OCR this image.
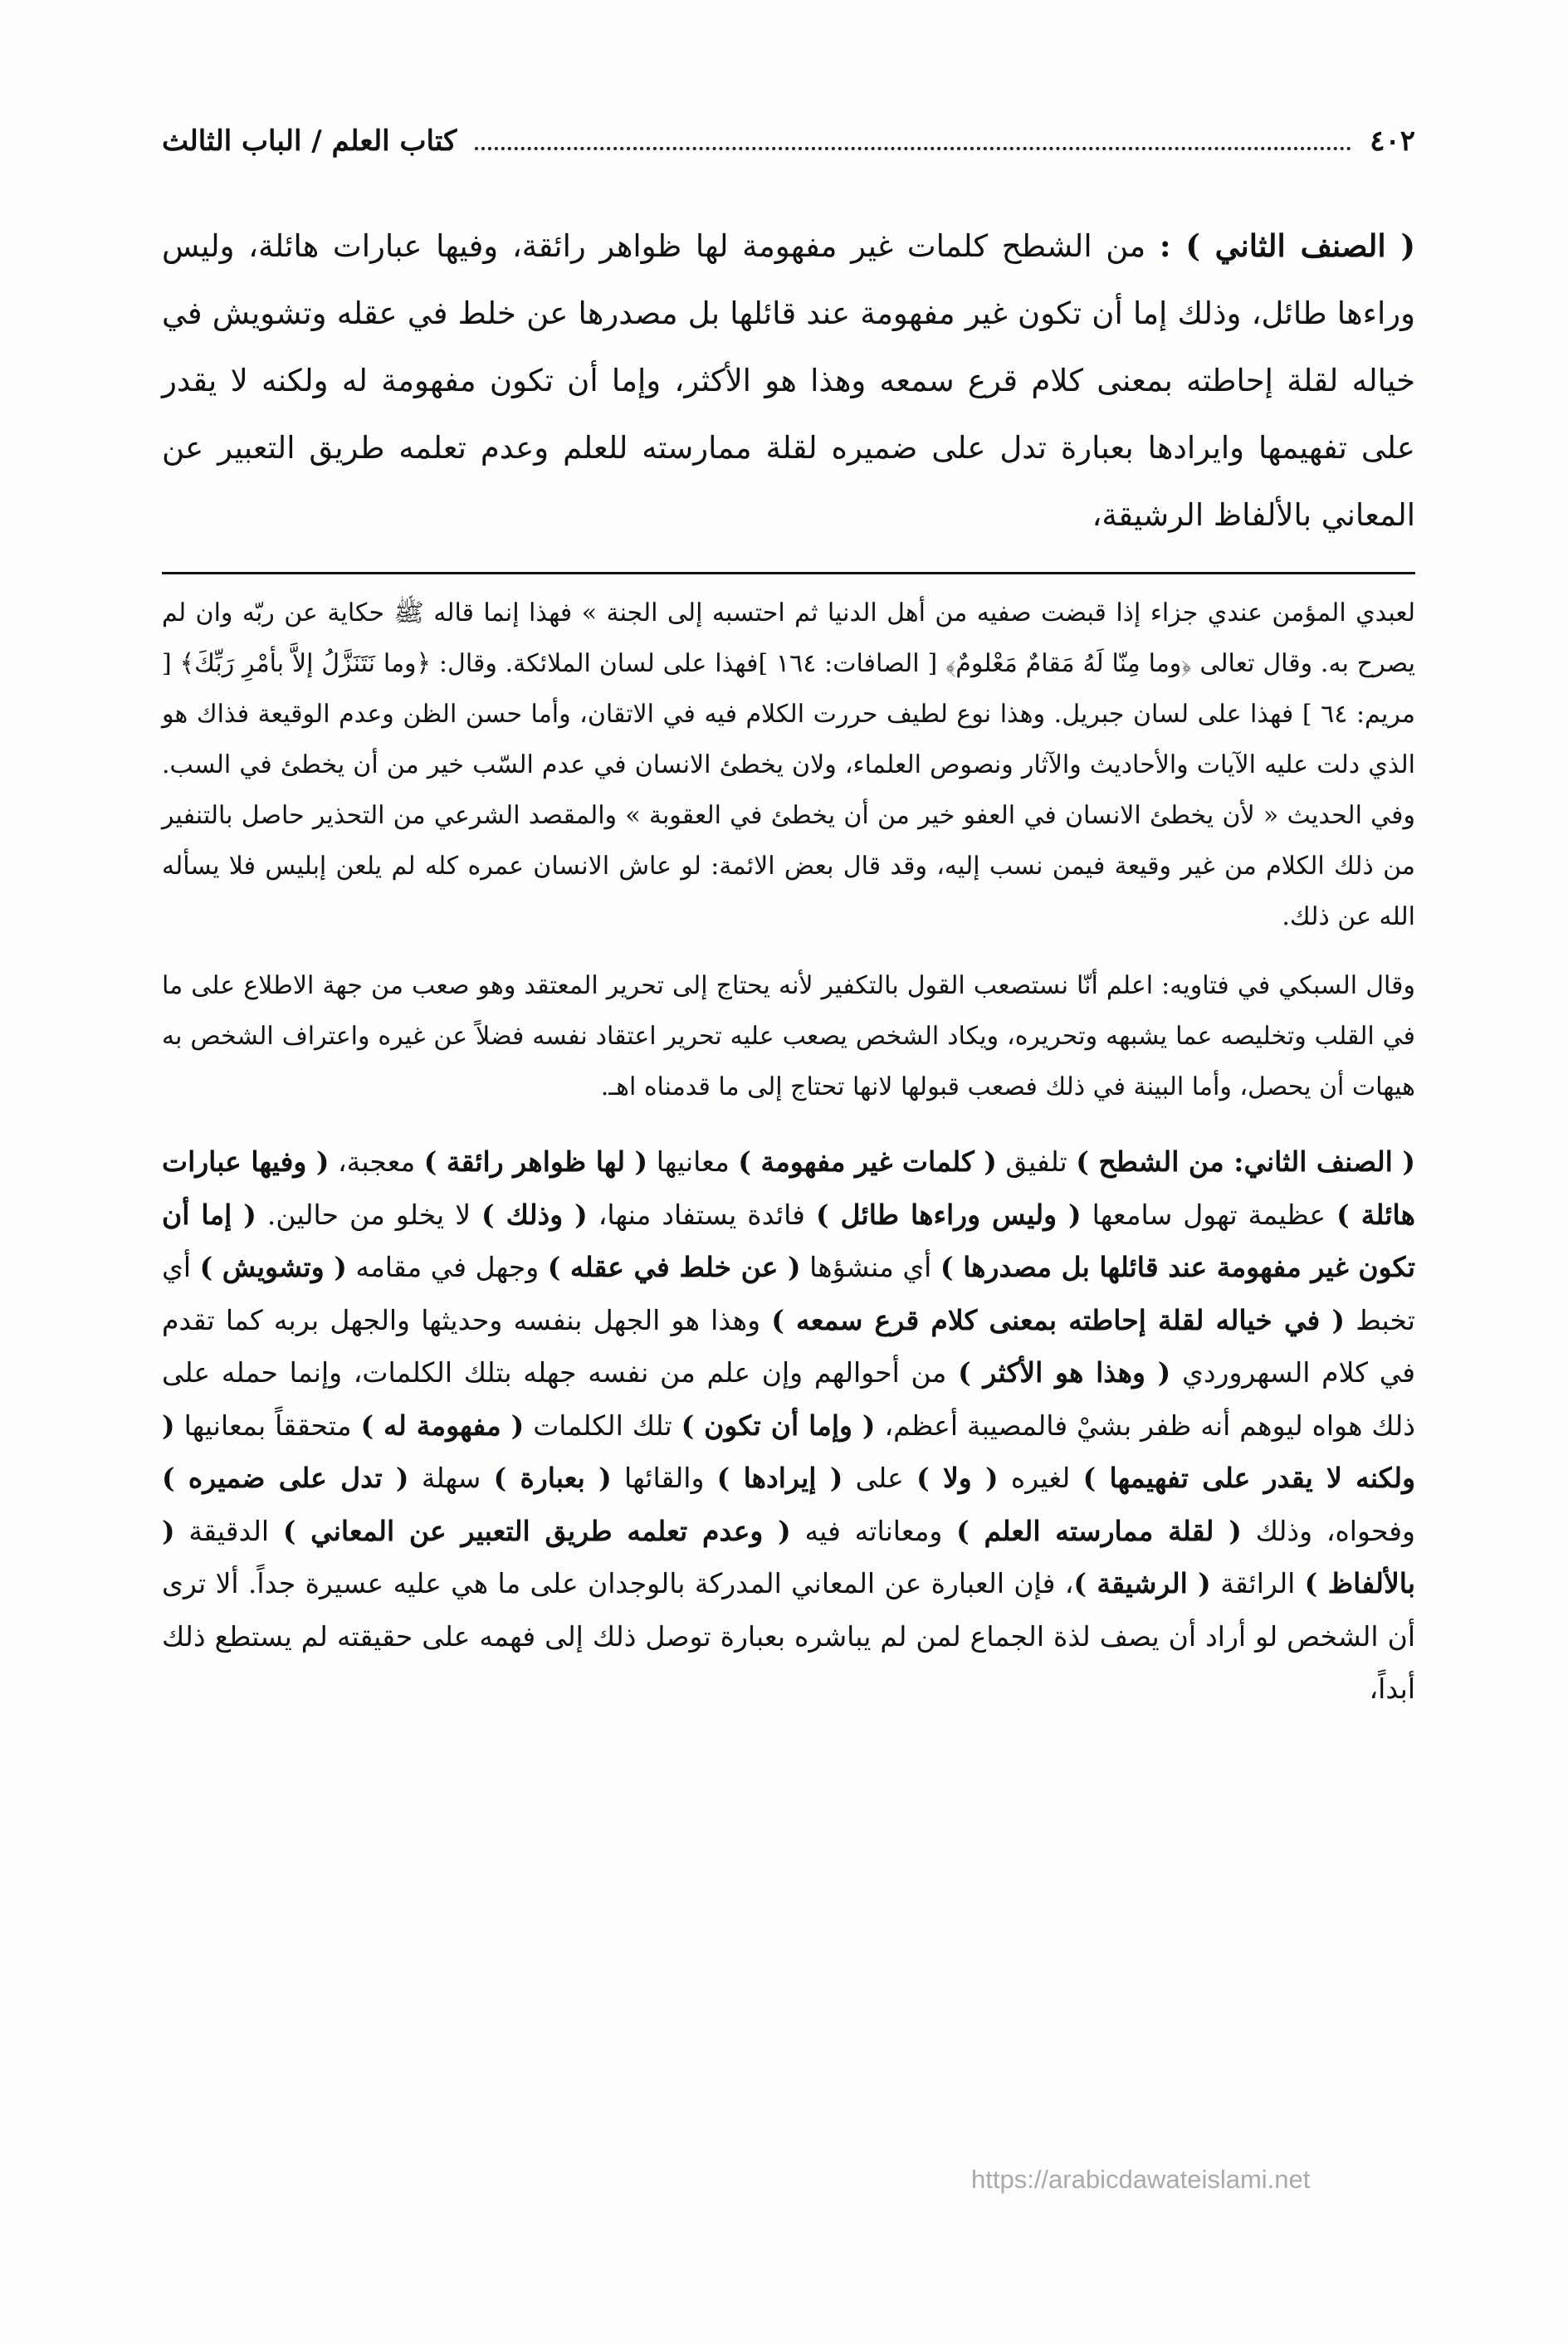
٤٠٢
كتاب العلم / الباب الثالث

( الصنف الثاني ) : من الشطح كلمات غير مفهومة لها ظواهر رائقة، وفيها عبارات هائلة، وليس وراءها طائل، وذلك إما أن تكون غير مفهومة عند قائلها بل مصدرها عن خلط في عقله وتشويش في خياله لقلة إحاطته بمعنى كلام قرع سمعه وهذا هو الأكثر، وإما أن تكون مفهومة له ولكنه لا يقدر على تفهيمها وايرادها بعبارة تدل على ضميره لقلة ممارسته للعلم وعدم تعلمه طريق التعبير عن المعاني بالألفاظ الرشيقة،

لعبدي المؤمن عندي جزاء إذا قبضت صفيه من أهل الدنيا ثم احتسبه إلى الجنة » فهذا إنما قاله ﷺ حكاية عن ربّه وان لم يصرح به. وقال تعالى ﴿وما مِنّا لَهُ مَقامٌ مَعْلومٌ﴾ [ الصافات: ١٦٤ ]فهذا على لسان الملائكة. وقال: ﴿وما نَتَنَزَّلُ إلاَّ بأمْرِ رَبِّكَ﴾ [ مريم: ٦٤ ] فهذا على لسان جبريل. وهذا نوع لطيف حررت الكلام فيه في الاتقان، وأما حسن الظن وعدم الوقيعة فذاك هو الذي دلت عليه الآيات والأحاديث والآثار ونصوص العلماء، ولان يخطئ الانسان في عدم السّب خير من أن يخطئ في السب. وفي الحديث « لأن يخطئ الانسان في العفو خير من أن يخطئ في العقوبة » والمقصد الشرعي من التحذير حاصل بالتنفير من ذلك الكلام من غير وقيعة فيمن نسب إليه، وقد قال بعض الائمة: لو عاش الانسان عمره كله لم يلعن إبليس فلا يسأله الله عن ذلك.

وقال السبكي في فتاويه: اعلم أنّا نستصعب القول بالتكفير لأنه يحتاج إلى تحرير المعتقد وهو صعب من جهة الاطلاع على ما في القلب وتخليصه عما يشبهه وتحريره، ويكاد الشخص يصعب عليه تحرير اعتقاد نفسه فضلاً عن غيره واعتراف الشخص به هيهات أن يحصل، وأما البينة في ذلك فصعب قبولها لانها تحتاج إلى ما قدمناه اهـ.

( الصنف الثاني: من الشطح ) تلفيق ( كلمات غير مفهومة ) معانيها ( لها ظواهر رائقة ) معجبة، ( وفيها عبارات هائلة ) عظيمة تهول سامعها ( وليس وراءها طائل ) فائدة يستفاد منها، ( وذلك ) لا يخلو من حالين. ( إما أن تكون غير مفهومة عند قائلها بل مصدرها ) أي منشؤها ( عن خلط في عقله ) وجهل في مقامه ( وتشويش ) أي تخبط ( في خياله لقلة إحاطته بمعنى كلام قرع سمعه ) وهذا هو الجهل بنفسه وحديثها والجهل بربه كما تقدم في كلام السهروردي ( وهذا هو الأكثر ) من أحوالهم وإن علم من نفسه جهله بتلك الكلمات، وإنما حمله على ذلك هواه ليوهم أنه ظفر بشيْ فالمصيبة أعظم، ( وإما أن تكون ) تلك الكلمات ( مفهومة له ) متحققاً بمعانيها ( ولكنه لا يقدر على تفهيمها ) لغيره ( ولا ) على ( إيرادها ) والقائها ( بعبارة ) سهلة ( تدل على ضميره ) وفحواه، وذلك ( لقلة ممارسته العلم ) ومعاناته فيه ( وعدم تعلمه طريق التعبير عن المعاني ) الدقيقة ( بالألفاظ ) الرائقة ( الرشيقة )، فإن العبارة عن المعاني المدركة بالوجدان على ما هي عليه عسيرة جداً. ألا ترى أن الشخص لو أراد أن يصف لذة الجماع لمن لم يباشره بعبارة توصل ذلك إلى فهمه على حقيقته لم يستطع ذلك أبداً،

https://arabicdawateislami.net
